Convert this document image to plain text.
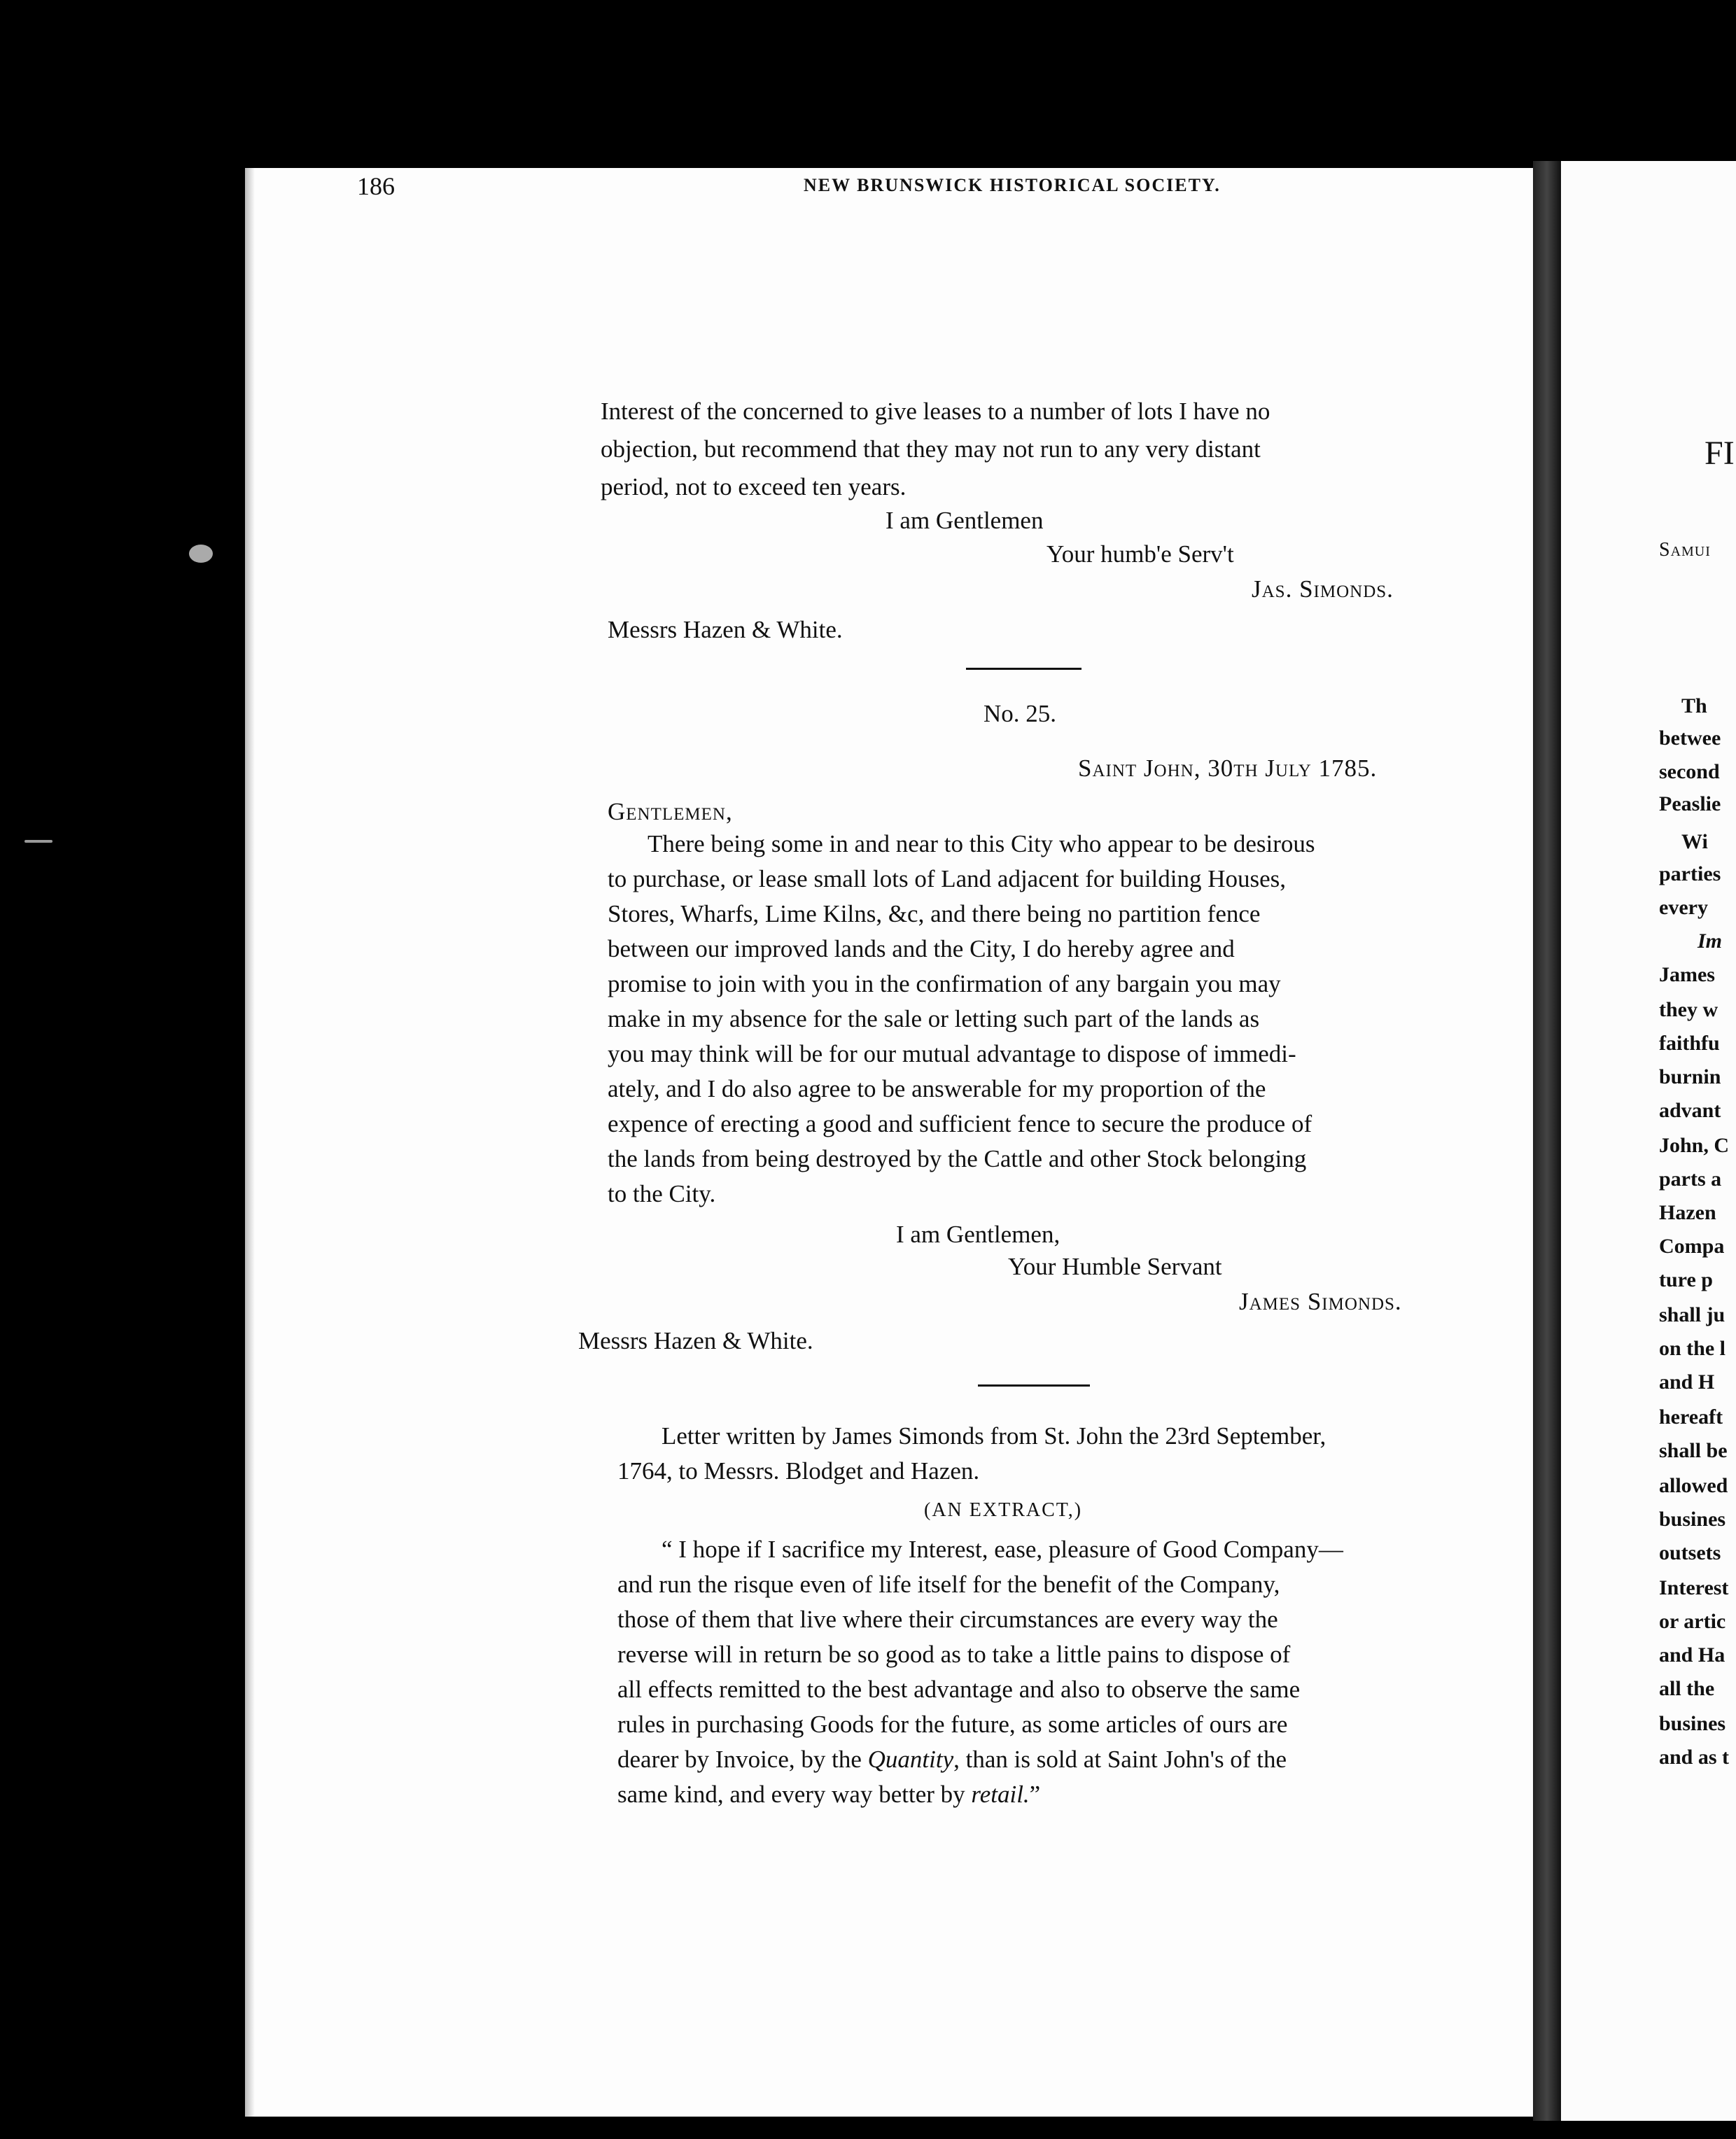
FI
Samui
Th
betwee
second
Peaslie
Wi
parties
every
Im
James
they w
faithfu
burnin
advant
John, C
parts a
Hazen
Compa
ture p
shall ju
on the l
and H
hereaft
shall be
allowed
busines
outsets
Interest
or artic
and Ha
all the
busines
and as t
186	NEW BRUNSWICK HISTORICAL SOCIETY.
Interest of the concerned to give leases to a number of lots I have no
objection, but recommend that they may not run to any very distant
period, not to exceed ten years.
I am Gentlemen
Your humb'e Serv't
Jas. Simonds.
Messrs Hazen & White.
No. 25.
Saint John, 30th July 1785.
Gentlemen,
There being some in and near to this City who appear to be desirous
to purchase, or lease small lots of Land adjacent for building Houses,
Stores, Wharfs, Lime Kilns, &c, and there being no partition fence
between our improved lands and the City, I do hereby agree and
promise to join with you in the confirmation of any bargain you may
make in my absence for the sale or letting such part of the lands as
you may think will be for our mutual advantage to dispose of immedi-
ately, and I do also agree to be answerable for my proportion of the
expence of erecting a good and sufficient fence to secure the produce of
the lands from being destroyed by the Cattle and other Stock belonging
to the City.
I am Gentlemen,
Your Humble Servant
James Simonds.
Messrs Hazen & White.
Letter written by James Simonds from St. John the 23rd September,
1764, to Messrs. Blodget and Hazen.
(AN EXTRACT,)
“ I hope if I sacrifice my Interest, ease, pleasure of Good Company—
and run the risque even of life itself for the benefit of the Company,
those of them that live where their circumstances are every way the
reverse will in return be so good as to take a little pains to dispose of
all effects remitted to the best advantage and also to observe the same
rules in purchasing Goods for the future, as some articles of ours are
dearer by Invoice, by the Quantity, than is sold at Saint John's of the
same kind, and every way better by retail.”
